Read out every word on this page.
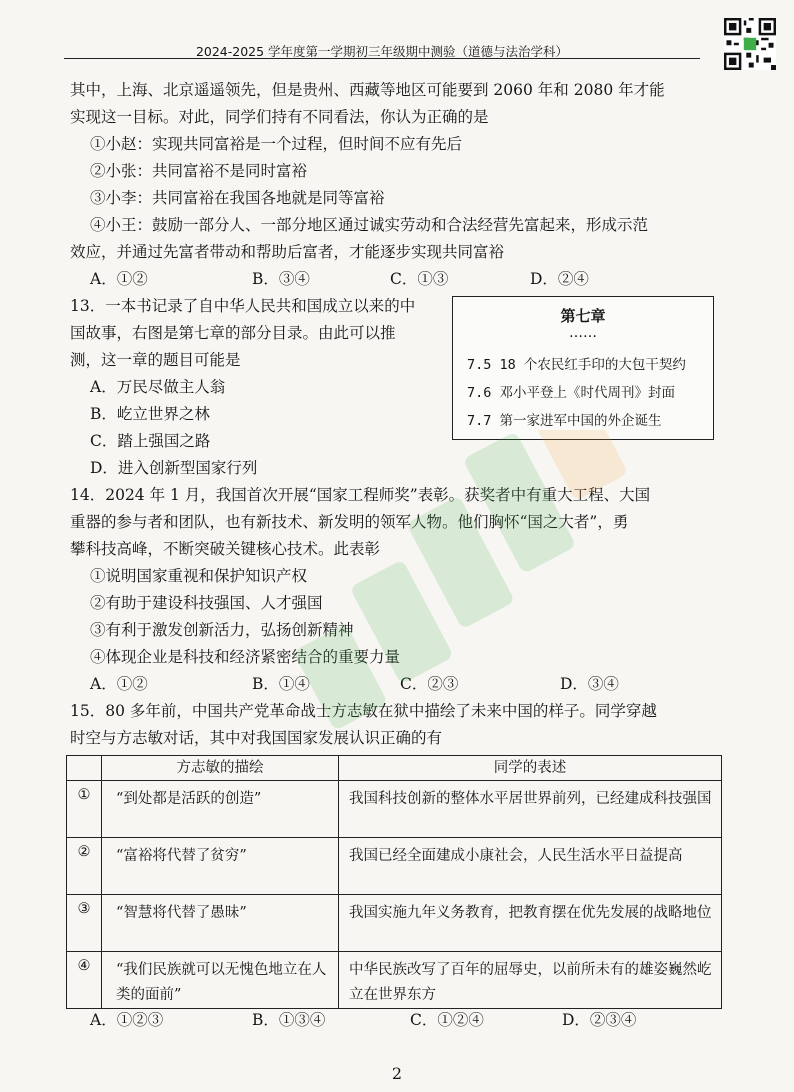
2024-2025 学年度第一学期初三年级期中测验（道德与法治学科）
其中，上海、北京遥遥领先，但是贵州、西藏等地区可能要到 2060 年和 2080 年才能
实现这一目标。对此，同学们持有不同看法，你认为正确的是
①小赵：实现共同富裕是一个过程，但时间不应有先后
②小张：共同富裕不是同时富裕
③小李：共同富裕在我国各地就是同等富裕
④小王：鼓励一部分人、一部分地区通过诚实劳动和合法经营先富起来，形成示范
效应，并通过先富者带动和帮助后富者，才能逐步实现共同富裕
A．①②	B．③④	C．①③	D．②④
13．一本书记录了自中华人民共和国成立以来的中
国故事，右图是第七章的部分目录。由此可以推
测，这一章的题目可能是
A．万民尽做主人翁
B．屹立世界之林
C．踏上强国之路
D．进入创新型国家行列
第七章
……
7.5 18 个农民红手印的大包干契约
7.6 邓小平登上《时代周刊》封面
7.7 第一家进军中国的外企诞生
14．2024 年 1 月，我国首次开展“国家工程师奖”表彰。获奖者中有重大工程、大国
重器的参与者和团队，也有新技术、新发明的领军人物。他们胸怀“国之大者”，勇
攀科技高峰，不断突破关键核心技术。此表彰
①说明国家重视和保护知识产权
②有助于建设科技强国、人才强国
③有利于激发创新活力，弘扬创新精神
④体现企业是科技和经济紧密结合的重要力量
A．①②	B．①④	C．②③	D．③④
15．80 多年前，中国共产党革命战士方志敏在狱中描绘了未来中国的样子。同学穿越
时空与方志敏对话，其中对我国国家发展认识正确的有
	方志敏的描绘	同学的表述
①	“到处都是活跃的创造”	我国科技创新的整体水平居世界前列，已经建成科技强国
②	“富裕将代替了贫穷”	我国已经全面建成小康社会，人民生活水平日益提高
③	“智慧将代替了愚昧”	我国实施九年义务教育，把教育摆在优先发展的战略地位
④	“我们民族就可以无愧色地立在人类的面前”	中华民族改写了百年的屈辱史，以前所未有的雄姿巍然屹立在世界东方
A．①②③	B．①③④	C．①②④	D．②③④
2
